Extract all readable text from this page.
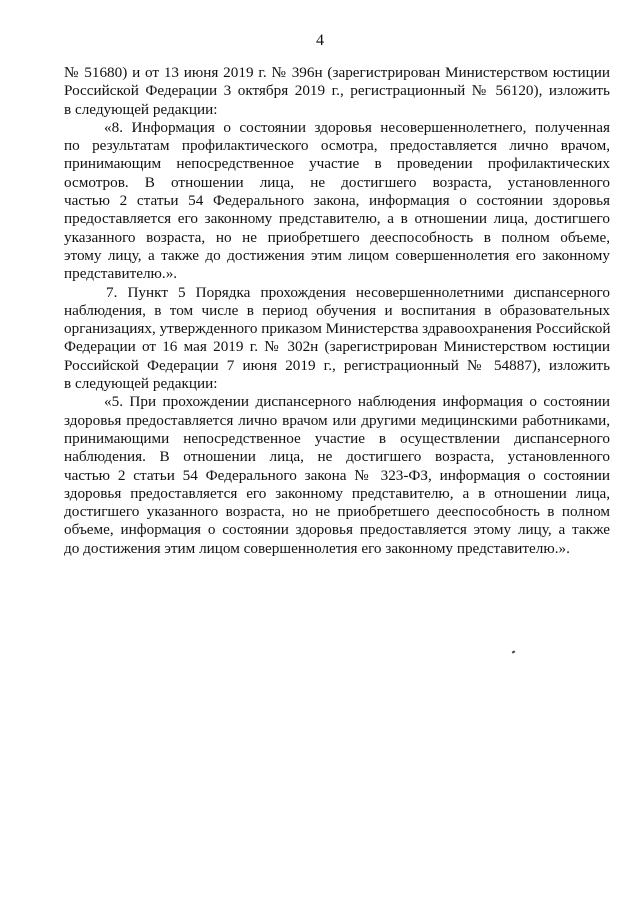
4
№ 51680) и от 13 июня 2019 г. № 396н (зарегистрирован Министерством юстиции
Российской Федерации 3 октября 2019 г., регистрационный № 56120), изложить
в следующей редакции:
«8. Информация о состоянии здоровья несовершеннолетнего, полученная
по результатам профилактического осмотра, предоставляется лично врачом,
принимающим непосредственное участие в проведении профилактических
осмотров. В отношении лица, не достигшего возраста, установленного
частью 2 статьи 54 Федерального закона, информация о состоянии здоровья
предоставляется его законному представителю, а в отношении лица, достигшего
указанного возраста, но не приобретшего дееспособность в полном объеме,
этому лицу, а также до достижения этим лицом совершеннолетия его законному
представителю.».
7. Пункт 5 Порядка прохождения несовершеннолетними диспансерного
наблюдения, в том числе в период обучения и воспитания в образовательных
организациях, утвержденного приказом Министерства здравоохранения Российской
Федерации от 16 мая 2019 г. № 302н (зарегистрирован Министерством юстиции
Российской Федерации 7 июня 2019 г., регистрационный № 54887), изложить
в следующей редакции:
«5. При прохождении диспансерного наблюдения информация о состоянии
здоровья предоставляется лично врачом или другими медицинскими работниками,
принимающими непосредственное участие в осуществлении диспансерного
наблюдения. В отношении лица, не достигшего возраста, установленного
частью 2 статьи 54 Федерального закона № 323-ФЗ, информация о состоянии
здоровья предоставляется его законному представителю, а в отношении лица,
достигшего указанного возраста, но не приобретшего дееспособность в полном
объеме, информация о состоянии здоровья предоставляется этому лицу, а также
до достижения этим лицом совершеннолетия его законному представителю.».
